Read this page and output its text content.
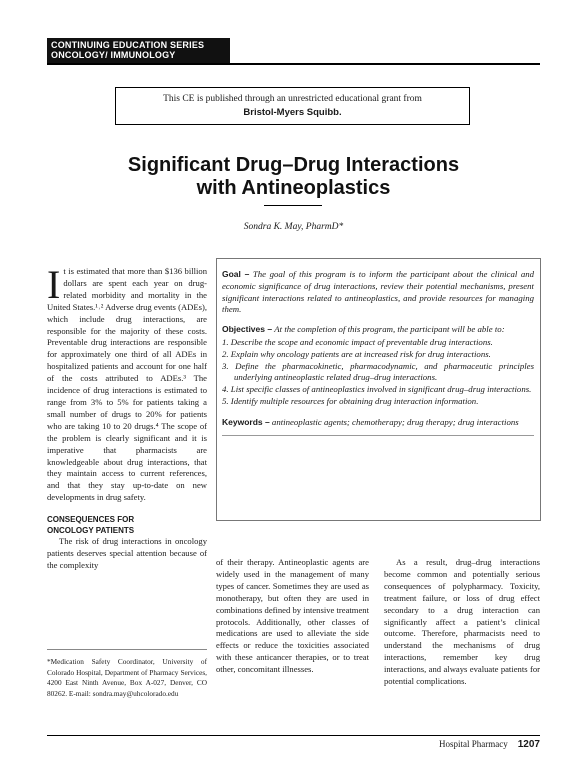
CONTINUING EDUCATION SERIES
ONCOLOGY/ IMMUNOLOGY
This CE is published through an unrestricted educational grant from
Bristol-Myers Squibb.
Significant Drug–Drug Interactions
with Antineoplastics
Sondra K. May, PharmD*

It is estimated that more than $136 billion dollars are spent each year on drug-related morbidity and mortality in the United States.¹˒² Adverse drug events (ADEs), which include drug interactions, are responsible for the majority of these costs. Preventable drug interactions are responsible for approximately one third of all ADEs in hospitalized patients and account for one half of the costs attributed to ADEs.³ The incidence of drug interactions is estimated to range from 3% to 5% for patients taking a small number of drugs to 20% for patients who are taking 10 to 20 drugs.⁴ The scope of the problem is clearly significant and it is imperative that pharmacists are knowledgeable about drug interactions, that they maintain access to current references, and that they stay up-to-date on new developments in drug safety.

CONSEQUENCES FOR
ONCOLOGY PATIENTS

The risk of drug interactions in oncology patients deserves special attention because of the complexity

*Medication Safety Coordinator, University of Colorado Hospital, Department of Pharmacy Services, 4200 East Ninth Avenue, Box A-027, Denver, CO 80262. E-mail: sondra.may@uhcolorado.edu

Goal – The goal of this program is to inform the participant about the clinical and economic significance of drug interactions, review their potential mechanisms, present significant interactions related to antineoplastics, and provide resources for managing them.

Objectives – At the completion of this program, the participant will be able to:

1. Describe the scope and economic impact of preventable drug interactions.
2. Explain why oncology patients are at increased risk for drug interactions.
3. Define the pharmacokinetic, pharmacodynamic, and pharmaceutic principles underlying antineoplastic related drug–drug interactions.
4. List specific classes of antineoplastics involved in significant drug–drug interactions.
5. Identify multiple resources for obtaining drug interaction information.

Keywords – antineoplastic agents; chemotherapy; drug therapy; drug interactions

of their therapy. Antineoplastic agents are widely used in the management of many types of cancer. Sometimes they are used as monotherapy, but often they are used in combinations defined by intensive treatment protocols. Additionally, other classes of medications are used to alleviate the side effects or reduce the toxicities associated with these anticancer therapies, or to treat other, concomitant illnesses.

As a result, drug–drug interactions become common and potentially serious consequences of polypharmacy. Toxicity, treatment failure, or loss of drug effect secondary to a drug interaction can significantly affect a patient’s clinical outcome. Therefore, pharmacists need to understand the mechanisms of drug interactions, remember key drug interactions, and always evaluate patients for potential complications.

Hospital Pharmacy 1207
